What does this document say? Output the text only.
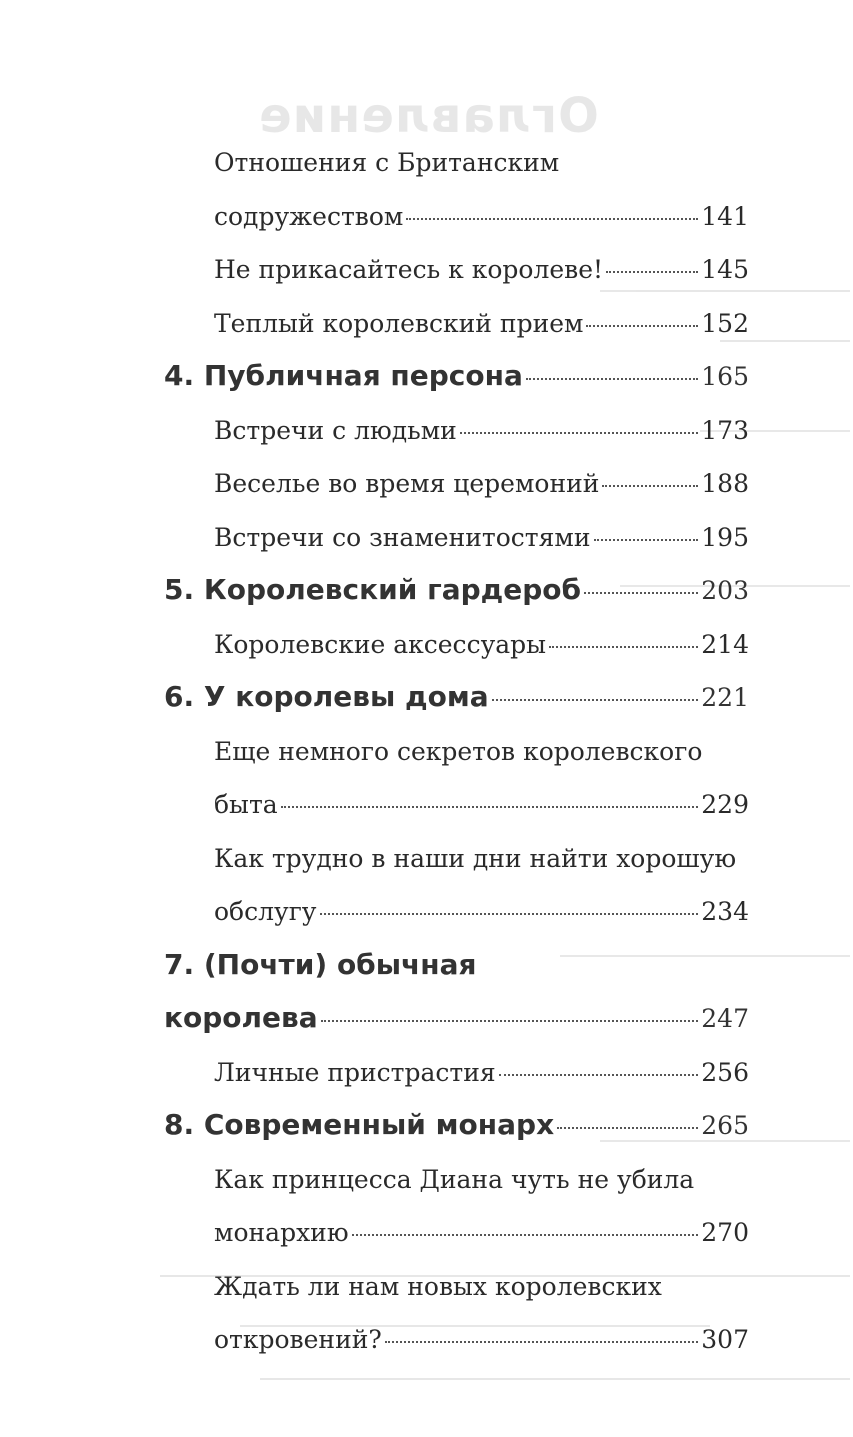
Оглавление
Отношения с Британским
содружеством	141
Не прикасайтесь к королеве!	145
Теплый королевский прием	152
4. Публичная персона	165
Встречи с людьми	173
Веселье во время церемоний	188
Встречи со знаменитостями	195
5. Королевский гардероб	203
Королевские аксессуары	214
6. У королевы дома	221
Еще немного секретов королевского
быта	229
Как трудно в наши дни найти хорошую
обслугу	234
7. (Почти) обычная
королева	247
Личные пристрастия	256
8. Современный монарх	265
Как принцесса Диана чуть не убила
монархию	270
Ждать ли нам новых королевских
откровений?	307
